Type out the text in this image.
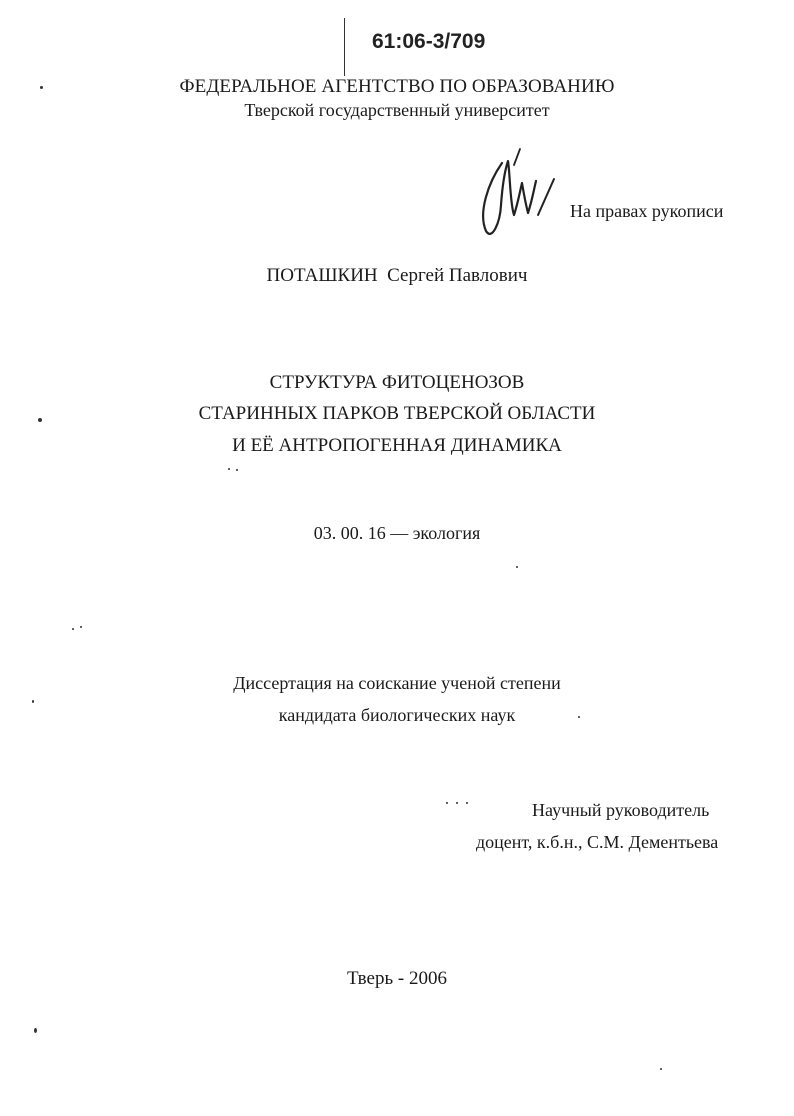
61:06-3/709
ФЕДЕРАЛЬНОЕ АГЕНТСТВО ПО ОБРАЗОВАНИЮ
Тверской государственный университет
На правах рукописи
ПОТАШКИН  Сергей Павлович
СТРУКТУРА ФИТОЦЕНОЗОВ
СТАРИННЫХ ПАРКОВ ТВЕРСКОЙ ОБЛАСТИ
И ЕЁ АНТРОПОГЕННАЯ ДИНАМИКА
03. 00. 16 — экология
Диссертация на соискание ученой степени
кандидата биологических наук
Научный руководитель
доцент, к.б.н., С.М. Дементьева
Тверь - 2006
